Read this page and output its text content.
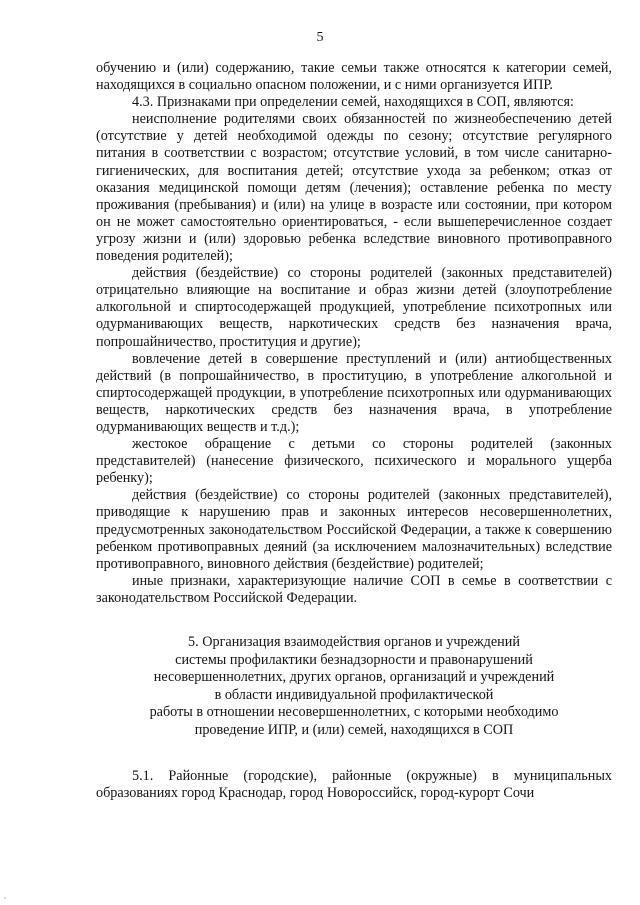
5

обучению и (или) содержанию, такие семьи также относятся к категории семей, находящихся в социально опасном положении, и с ними организуется ИПР.

4.3. Признаками при определении семей, находящихся в СОП, являются:

неисполнение родителями своих обязанностей по жизнеобеспечению детей (отсутствие у детей необходимой одежды по сезону; отсутствие регулярного питания в соответствии с возрастом; отсутствие условий, в том числе санитарно-гигиенических, для воспитания детей; отсутствие ухода за ребенком; отказ от оказания медицинской помощи детям (лечения); оставление ребенка по месту проживания (пребывания) и (или) на улице в возрасте или состоянии, при котором он не может самостоятельно ориентироваться, - если вышеперечисленное создает угрозу жизни и (или) здоровью ребенка вследствие виновного противоправного поведения родителей);

действия (бездействие) со стороны родителей (законных представителей) отрицательно влияющие на воспитание и образ жизни детей (злоупотребление алкогольной и спиртосодержащей продукцией, употребление психотропных или одурманивающих веществ, наркотических средств без назначения врача, попрошайничество, проституция и другие);

вовлечение детей в совершение преступлений и (или) антиобщественных действий (в попрошайничество, в проституцию, в употребление алкогольной и спиртосодержащей продукции, в употребление психотропных или одурманивающих веществ, наркотических средств без назначения врача, в употребление одурманивающих веществ и т.д.);

жестокое обращение с детьми со стороны родителей (законных представителей) (нанесение физического, психического и морального ущерба ребенку);

действия (бездействие) со стороны родителей (законных представителей), приводящие к нарушению прав и законных интересов несовершеннолетних, предусмотренных законодательством Российской Федерации, а также к совершению ребенком противоправных деяний (за исключением малозначительных) вследствие противоправного, виновного действия (бездействие) родителей;

иные признаки, характеризующие наличие СОП в семье в соответствии с законодательством Российской Федерации.

5. Организация взаимодействия органов и учреждений
системы профилактики безнадзорности и правонарушений
несовершеннолетних, других органов, организаций и учреждений
в области индивидуальной профилактической
работы в отношении несовершеннолетних, с которыми необходимо
проведение ИПР, и (или) семей, находящихся в СОП

5.1. Районные (городские), районные (окружные) в муниципальных образованиях город Краснодар, город Новороссийск, город-курорт Сочи
